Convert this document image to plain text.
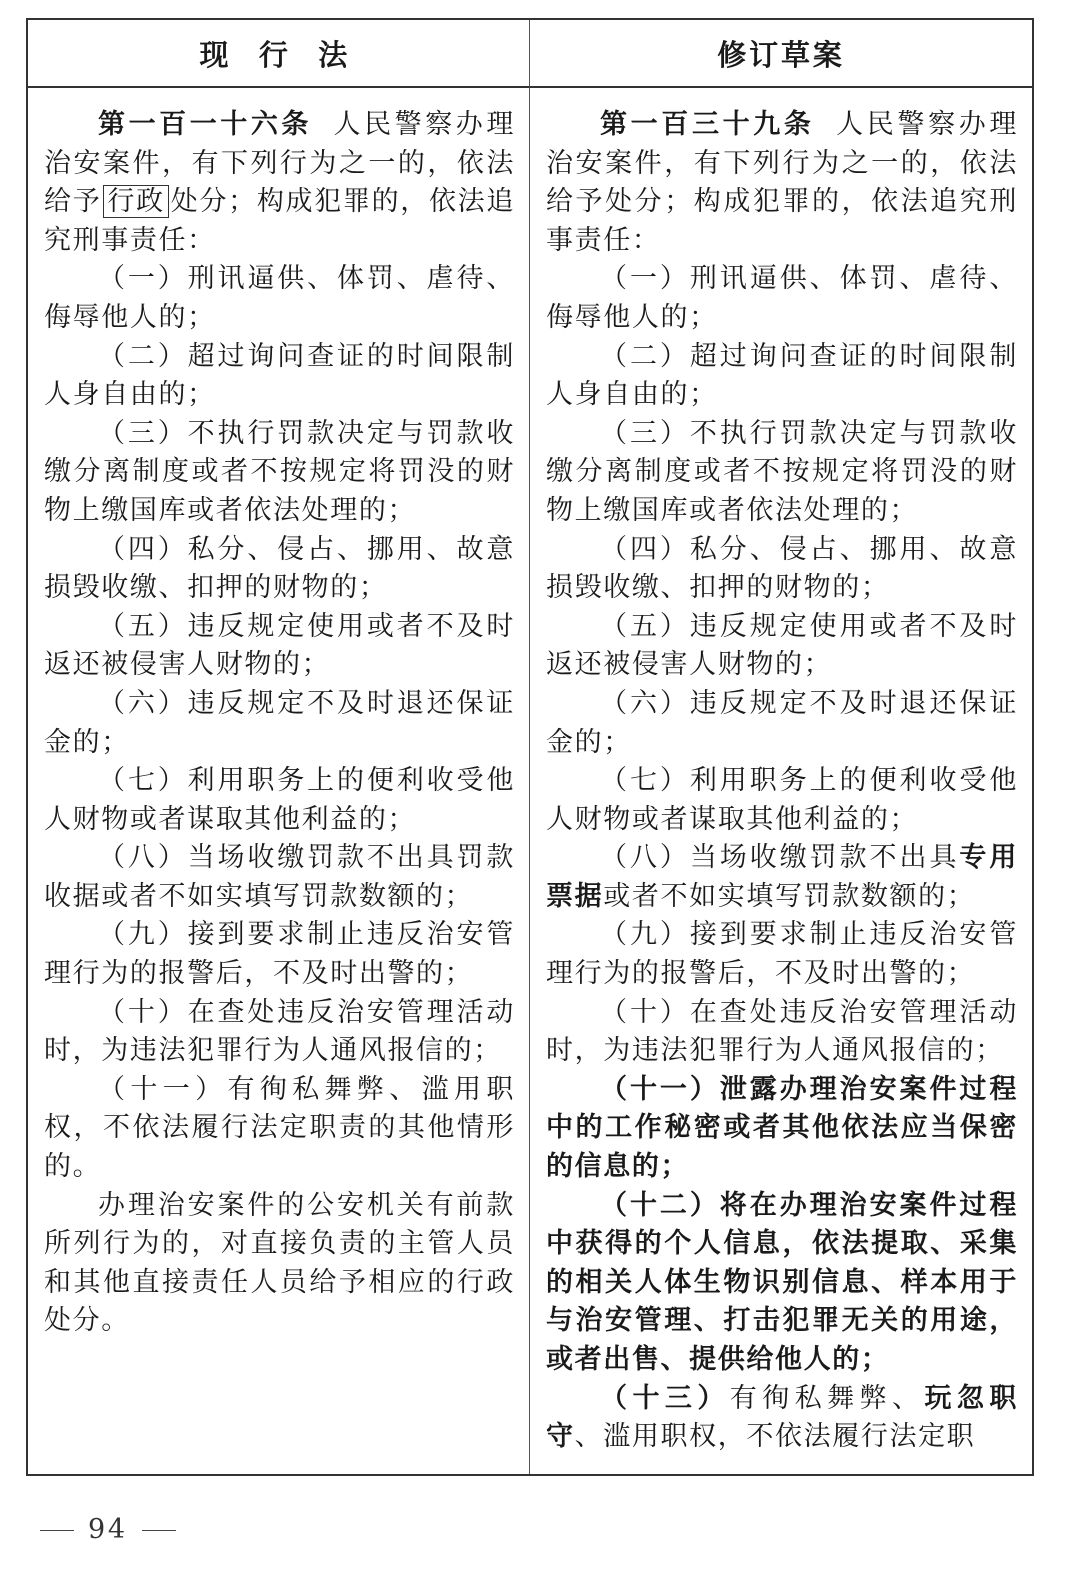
现 行 法	修订草案

第一百一十六条 人民警察办理治安案件，有下列行为之一的，依法给予 行政 处分；构成犯罪的，依法追究刑事责任：

（一）刑讯逼供、体罚、虐待、侮辱他人的；

（二）超过询问查证的时间限制人身自由的；

（三）不执行罚款决定与罚款收缴分离制度或者不按规定将罚没的财物上缴国库或者依法处理的；

（四）私分、侵占、挪用、故意损毁收缴、扣押的财物的；

（五）违反规定使用或者不及时返还被侵害人财物的；

（六）违反规定不及时退还保证金的；

（七）利用职务上的便利收受他人财物或者谋取其他利益的；

（八）当场收缴罚款不出具罚款收据或者不如实填写罚款数额的；

（九）接到要求制止违反治安管理行为的报警后，不及时出警的；

（十）在查处违反治安管理活动时，为违法犯罪行为人通风报信的；

（十一）有徇私舞弊、滥用职权，不依法履行法定职责的其他情形的。

办理治安案件的公安机关有前款所列行为的，对直接负责的主管人员和其他直接责任人员给予相应的行政处分。

第一百三十九条 人民警察办理治安案件，有下列行为之一的，依法给予处分；构成犯罪的，依法追究刑事责任：

（一）刑讯逼供、体罚、虐待、侮辱他人的；

（二）超过询问查证的时间限制人身自由的；

（三）不执行罚款决定与罚款收缴分离制度或者不按规定将罚没的财物上缴国库或者依法处理的；

（四）私分、侵占、挪用、故意损毁收缴、扣押的财物的；

（五）违反规定使用或者不及时返还被侵害人财物的；

（六）违反规定不及时退还保证金的；

（七）利用职务上的便利收受他人财物或者谋取其他利益的；

（八）当场收缴罚款不出具专用票据或者不如实填写罚款数额的；

（九）接到要求制止违反治安管理行为的报警后，不及时出警的；

（十）在查处违反治安管理活动时，为违法犯罪行为人通风报信的；

（十一）泄露办理治安案件过程中的工作秘密或者其他依法应当保密的信息的；

（十二）将在办理治安案件过程中获得的个人信息，依法提取、采集的相关人体生物识别信息、样本用于与治安管理、打击犯罪无关的用途，或者出售、提供给他人的；

（十三）有徇私舞弊、玩忽职守、滥用职权，不依法履行法定职

94
